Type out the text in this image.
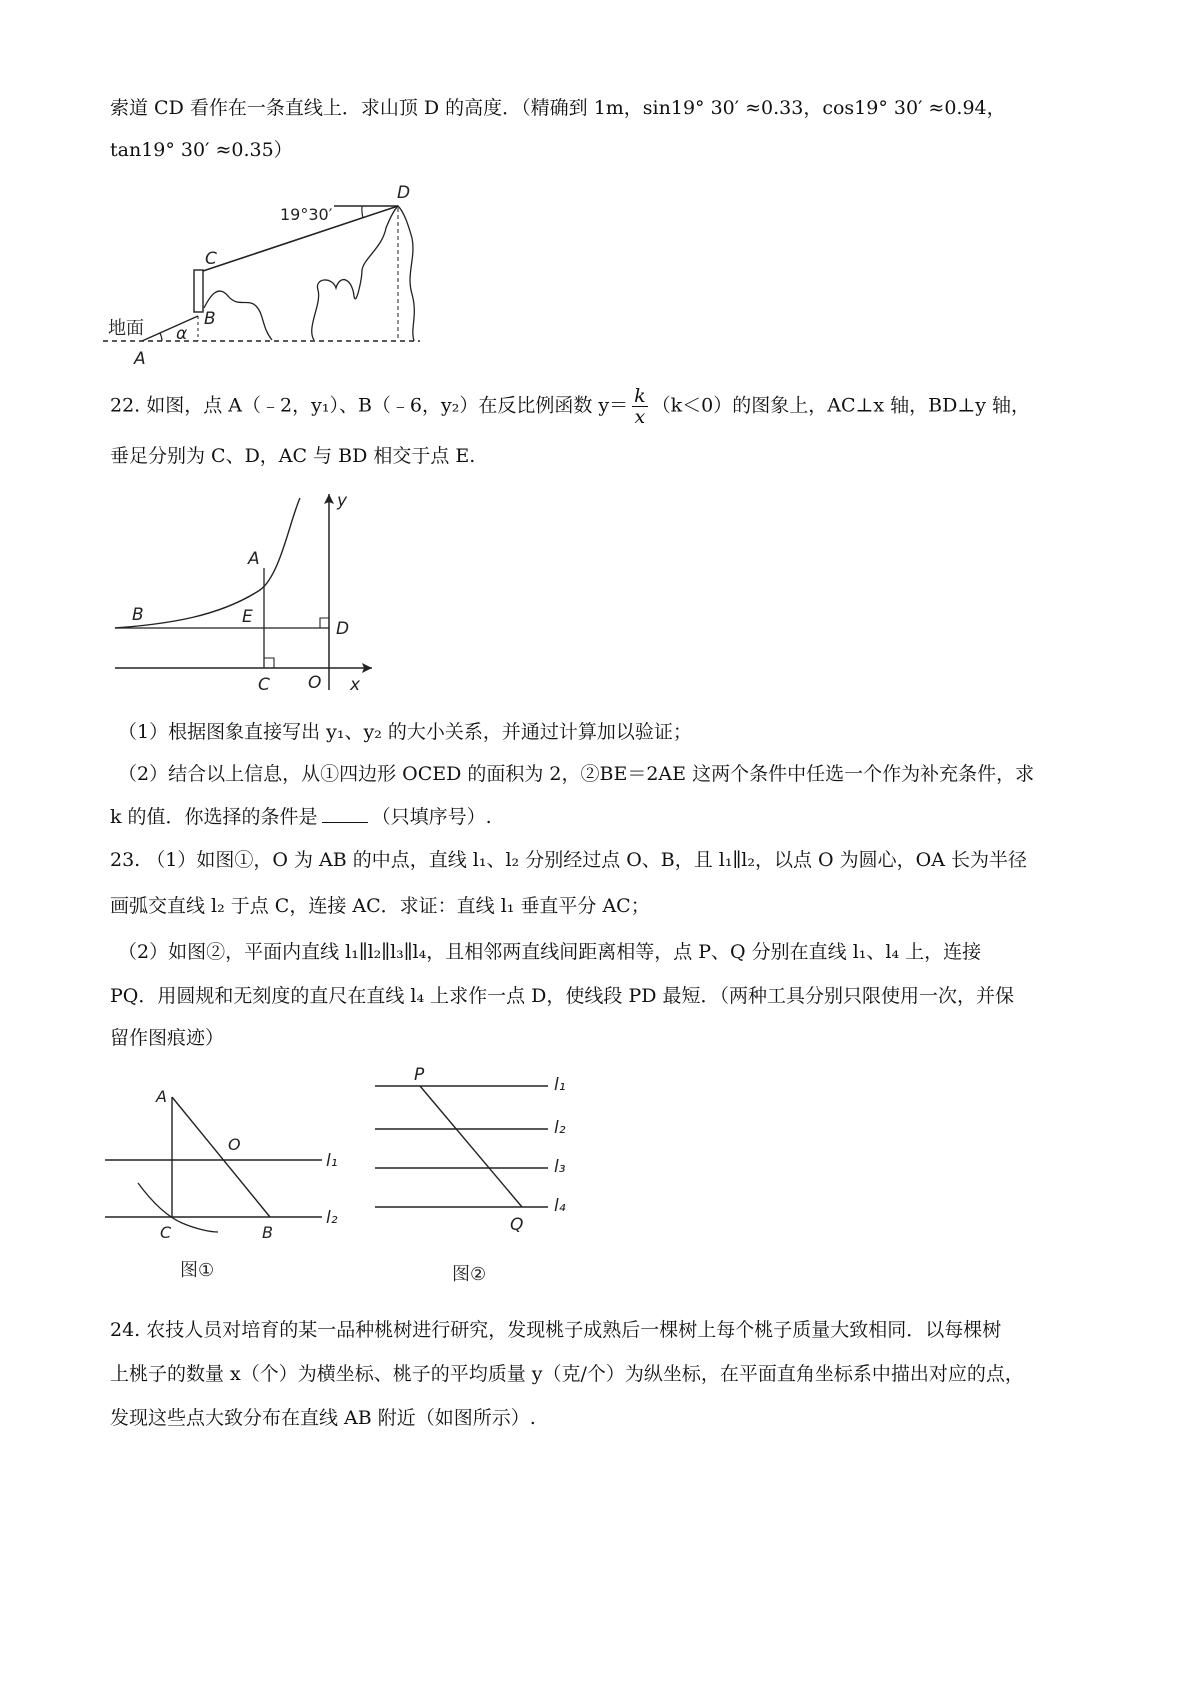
索道 CD 看作在一条直线上．求山顶 D 的高度．（精确到 1m，sin19° 30′ ≈0.33，cos19° 30′ ≈0.94，
tan19° 30′ ≈0.35）
地面
19°30′
D
C
B
A
α
22. 如图，点 A（﹣2，y₁）、B（﹣6，y₂）在反比例函数 $y= \frac{k}{x} (k<0)$的图象上，AC⊥x 轴，BD⊥y 轴，
垂足分别为 C、D，AC 与 BD 相交于点 E.
y
x
A
B	E
D
C O
（1）根据图象直接写出 y₁、y₂ 的大小关系，并通过计算加以验证；
（2）结合以上信息，从①四边形 OCED 的面积为 2，②BE＝2AE 这两个条件中任选一个作为补充条件，求
k 的值．你选择的条件是	（只填序号）.
23. （1）如图①，O 为 AB 的中点，直线 l₁、l₂ 分别经过点 O、B，且 l₁∥l₂，以点 O 为圆心，OA 长为半径
画弧交直线 l₂ 于点 C，连接 AC．求证：直线 l₁ 垂直平分 AC；
（2）如图②，平面内直线 l₁∥l₂∥l₃∥l₄，且相邻两直线间距离相等，点 P、Q 分别在直线 l₁、l₄ 上，连接
PQ．用圆规和无刻度的直尺在直线 l₄ 上求作一点 D，使线段 PD 最短．（两种工具分别只限使用一次，并保
留作图痕迹）
A
O
C	B
l₁
l₂
图①
P
Q
l₁
l₂
l₃
l₄
图②
24. 农技人员对培育的某一品种桃树进行研究，发现桃子成熟后一棵树上每个桃子质量大致相同．以每棵树
上桃子的数量 x（个）为横坐标、桃子的平均质量 y（克/个）为纵坐标，在平面直角坐标系中描出对应的点，
发现这些点大致分布在直线 AB 附近（如图所示）.
